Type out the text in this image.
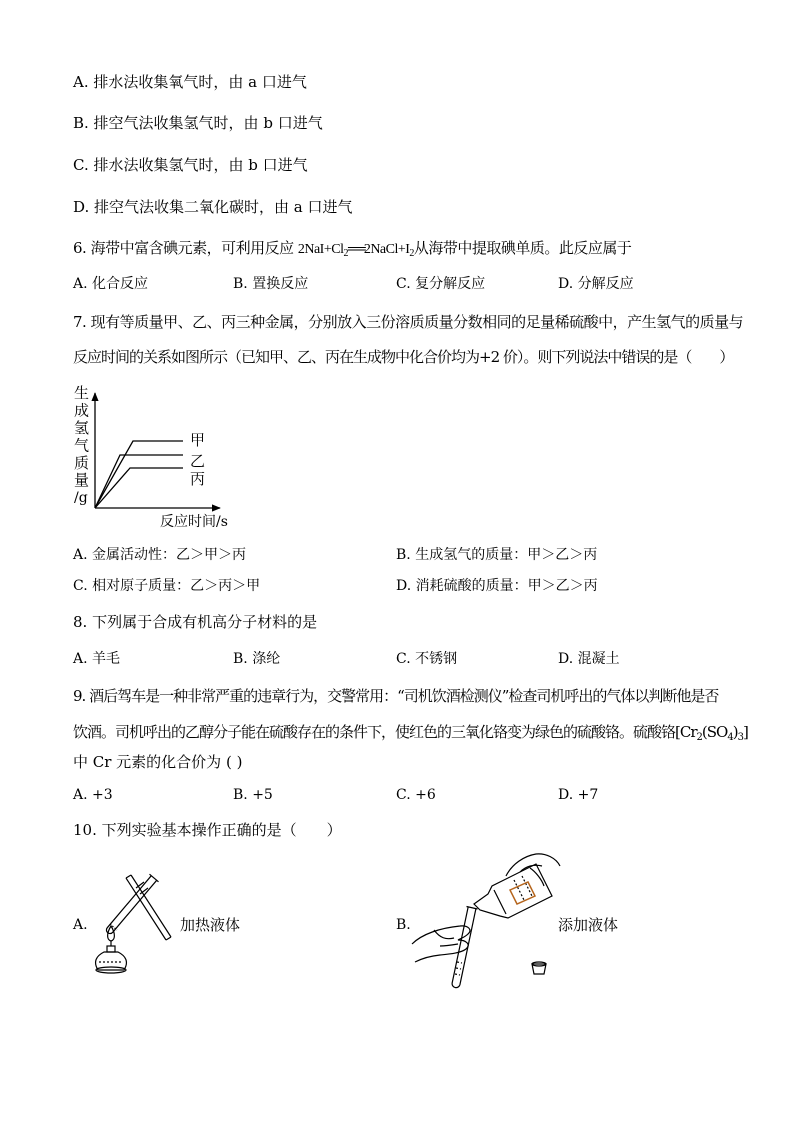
A. 排水法收集氧气时，由 a 口进气
B. 排空气法收集氢气时，由 b 口进气
C. 排水法收集氢气时，由 b 口进气
D. 排空气法收集二氧化碳时，由 a 口进气
6. 海带中富含碘元素，可利用反应 $2NaI+Cl_2══2NaCl+I_2$从海带中提取碘单质。此反应属于
A. 化合反应	B. 置换反应	C. 复分解反应	D. 分解反应
7. 现有等质量甲、乙、丙三种金属，分别放入三份溶质质量分数相同的足量稀硫酸中，产生氢气的质量与
反应时间的关系如图所示（已知甲、乙、丙在生成物中化合价均为+2 价）。则下列说法中错误的是（　　）
生成氢气质量
/g
反应时间/s
甲
乙
丙
A. 金属活动性：乙＞甲＞丙	B. 生成氢气的质量：甲＞乙＞丙
C. 相对原子质量：乙＞丙＞甲	D. 消耗硫酸的质量：甲＞乙＞丙
8. 下列属于合成有机高分子材料的是
A. 羊毛	B. 涤纶	C. 不锈钢	D. 混凝土
9. 酒后驾车是一种非常严重的违章行为，交警常用：“司机饮酒检测仪”检查司机呼出的气体以判断他是否
饮酒。司机呼出的乙醇分子能在硫酸存在的条件下，使红色的三氧化铬变为绿色的硫酸铬。硫酸铬$[Cr_2(SO_4)_3]$
中 Cr 元素的化合价为 ( )
A. +3	B. +5	C. +6	D. +7
10. 下列实验基本操作正确的是（　　）
A.	加热液体	B.	添加液体
